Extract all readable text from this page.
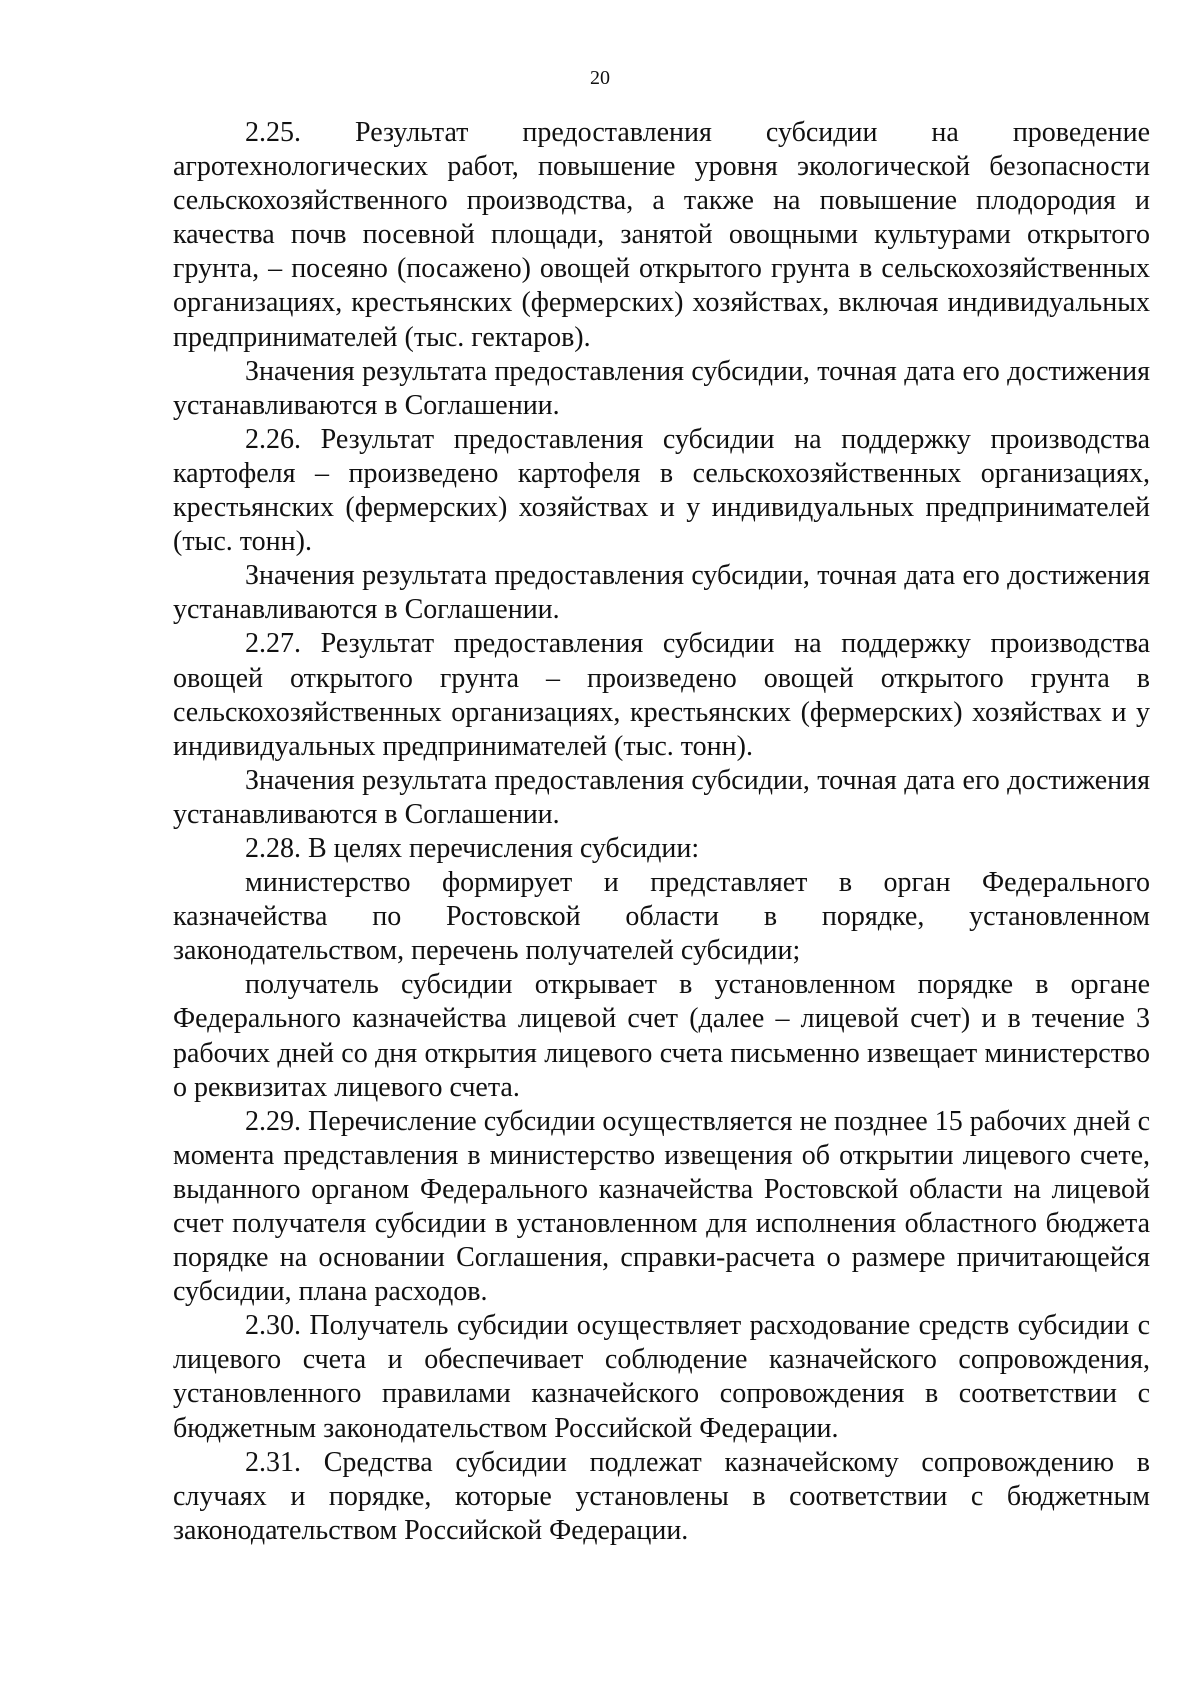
20

2.25. Результат предоставления субсидии на проведение агротехнологических работ, повышение уровня экологической безопасности сельскохозяйственного производства, а также на повышение плодородия и качества почв посевной площади, занятой овощными культурами открытого грунта, – посеяно (посажено) овощей открытого грунта в сельскохозяйственных организациях, крестьянских (фермерских) хозяйствах, включая индивидуальных предпринимателей (тыс. гектаров).

Значения результата предоставления субсидии, точная дата его достижения устанавливаются в Соглашении.

2.26. Результат предоставления субсидии на поддержку производства картофеля – произведено картофеля в сельскохозяйственных организациях, крестьянских (фермерских) хозяйствах и у индивидуальных предпринимателей (тыс. тонн).

Значения результата предоставления субсидии, точная дата его достижения устанавливаются в Соглашении.

2.27. Результат предоставления субсидии на поддержку производства овощей открытого грунта – произведено овощей открытого грунта в сельскохозяйственных организациях, крестьянских (фермерских) хозяйствах и у индивидуальных предпринимателей (тыс. тонн).

Значения результата предоставления субсидии, точная дата его достижения устанавливаются в Соглашении.

2.28. В целях перечисления субсидии:

министерство формирует и представляет в орган Федерального казначейства по Ростовской области в порядке, установленном законодательством, перечень получателей субсидии;

получатель субсидии открывает в установленном порядке в органе Федерального казначейства лицевой счет (далее – лицевой счет) и в течение 3 рабочих дней со дня открытия лицевого счета письменно извещает министерство о реквизитах лицевого счета.

2.29. Перечисление субсидии осуществляется не позднее 15 рабочих дней с момента представления в министерство извещения об открытии лицевого счете, выданного органом Федерального казначейства Ростовской области на лицевой счет получателя субсидии в установленном для исполнения областного бюджета порядке на основании Соглашения, справки-расчета о размере причитающейся субсидии, плана расходов.

2.30. Получатель субсидии осуществляет расходование средств субсидии с лицевого счета и обеспечивает соблюдение казначейского сопровождения, установленного правилами казначейского сопровождения в соответствии с бюджетным законодательством Российской Федерации.

2.31. Средства субсидии подлежат казначейскому сопровождению в случаях и порядке, которые установлены в соответствии с бюджетным законодательством Российской Федерации.
